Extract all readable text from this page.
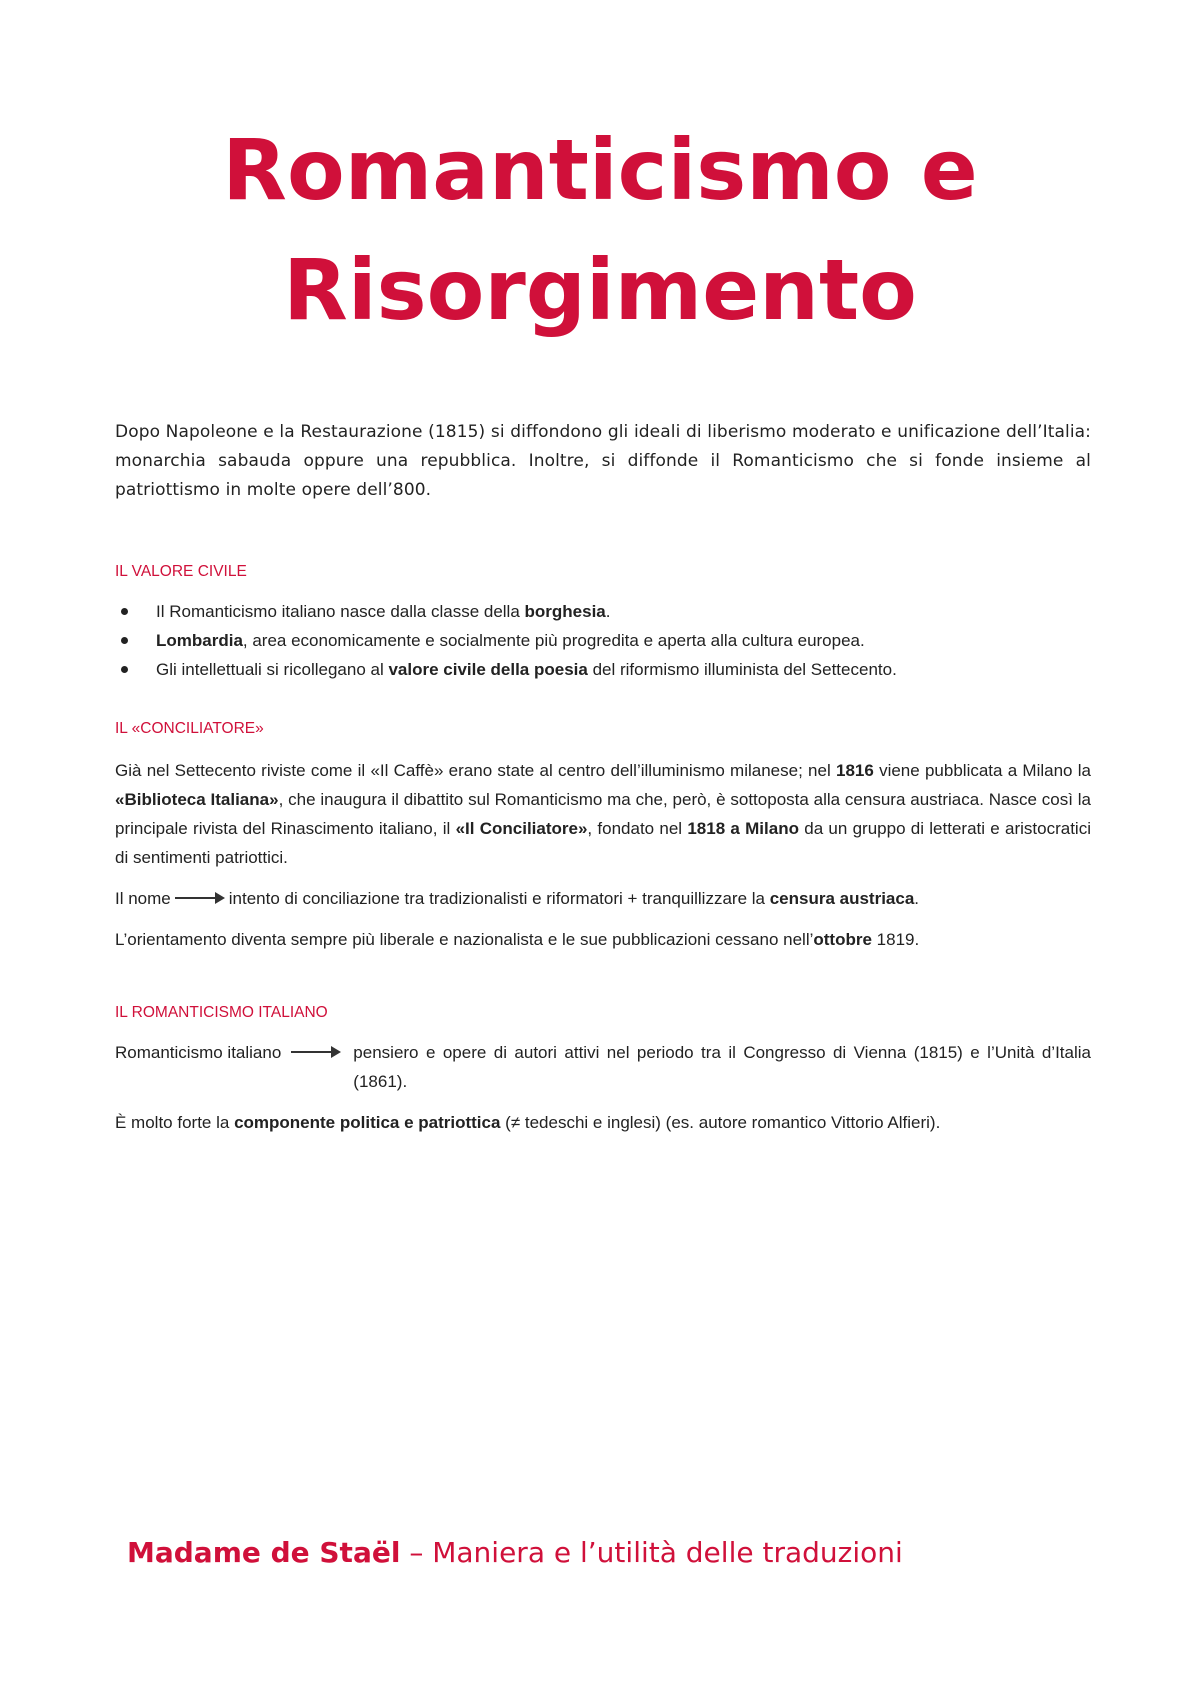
Romanticismo e
Risorgimento

Dopo Napoleone e la Restaurazione (1815) si diffondono gli ideali di liberismo moderato e unificazione dell’Italia: monarchia sabauda oppure una repubblica. Inoltre, si diffonde il Romanticismo che si fonde insieme al patriottismo in molte opere dell’800.

IL VALORE CIVILE

Il Romanticismo italiano nasce dalla classe della borghesia.
Lombardia, area economicamente e socialmente più progredita e aperta alla cultura europea.
Gli intellettuali si ricollegano al valore civile della poesia del riformismo illuminista del Settecento.

IL «CONCILIATORE»

Già nel Settecento riviste come il «Il Caffè» erano state al centro dell’illuminismo milanese; nel 1816 viene pubblicata a Milano la «Biblioteca Italiana», che inaugura il dibattito sul Romanticismo ma che, però, è sottoposta alla censura austriaca. Nasce così la principale rivista del Rinascimento italiano, il «Il Conciliatore», fondato nel 1818 a Milano da un gruppo di letterati e aristocratici di sentimenti patriottici.

Il nome	intento di conciliazione tra tradizionalisti e riformatori + tranquillizzare la censura austriaca.

L’orientamento diventa sempre più liberale e nazionalista e le sue pubblicazioni cessano nell’ottobre 1819.

IL ROMANTICISMO ITALIANO

Romanticismo italiano	pensiero e opere di autori attivi nel periodo tra il Congresso di Vienna (1815) e l’Unità d’Italia (1861).

È molto forte la componente politica e patriottica (≠ tedeschi e inglesi) (es. autore romantico Vittorio Alfieri).

Madame de Staël – Maniera e l’utilità delle traduzioni
